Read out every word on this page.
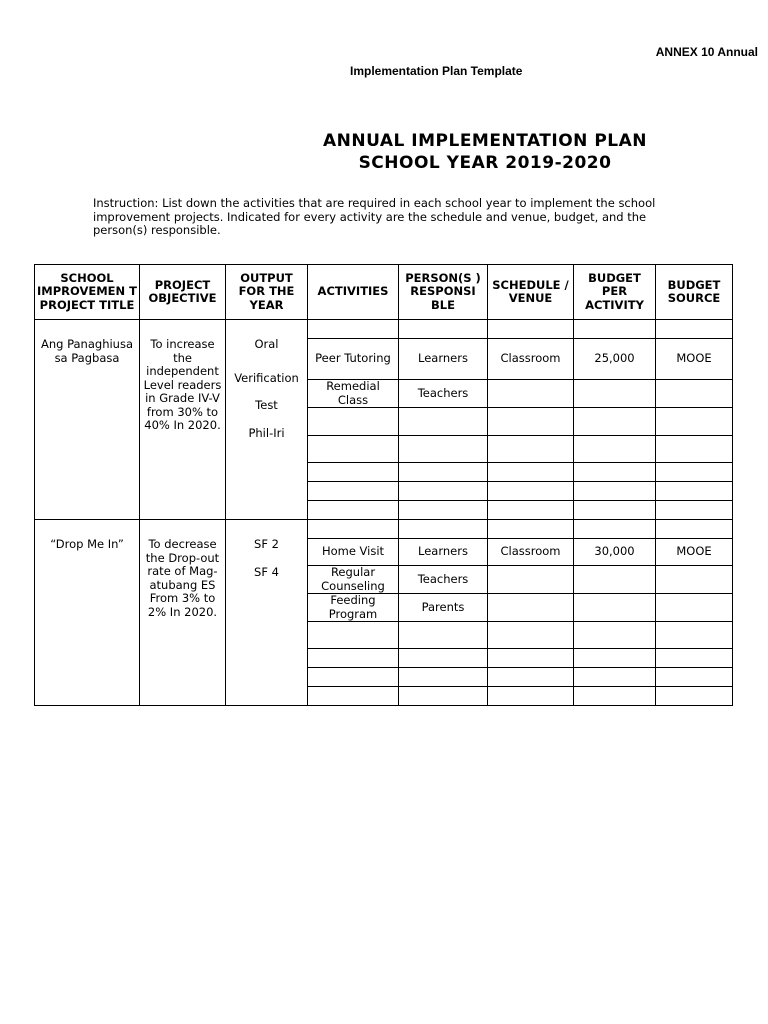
ANNEX 10 Annual
Implementation Plan Template
ANNUAL IMPLEMENTATION PLAN
SCHOOL YEAR 2019-2020
Instruction: List down the activities that are required in each school year to implement the school improvement projects. Indicated for every activity are the schedule and venue, budget, and the person(s) responsible.
SCHOOL IMPROVEMEN T PROJECT TITLE	PROJECT OBJECTIVE	OUTPUT FOR THE YEAR	ACTIVITIES	PERSON(S ) RESPONSI BLE	SCHEDULE / VENUE	BUDGET PER ACTIVITY	BUDGET SOURCE
Ang Panaghiusa sa Pagbasa	To increase the independent Level readers in Grade IV-V from 30% to 40% In 2020.	Oral
Verification
Test
Phil-Iri					

			Peer Tutoring	Learners	Classroom	25,000	MOOE
			Remedial Class	Teachers			

“Drop Me In”	To decrease the Drop-out rate of Mag-atubang ES From 3% to 2% In 2020.	SF 2
SF 4					

			Home Visit	Learners	Classroom	30,000	MOOE
			Regular Counseling	Teachers			
			Feeding Program	Parents			
